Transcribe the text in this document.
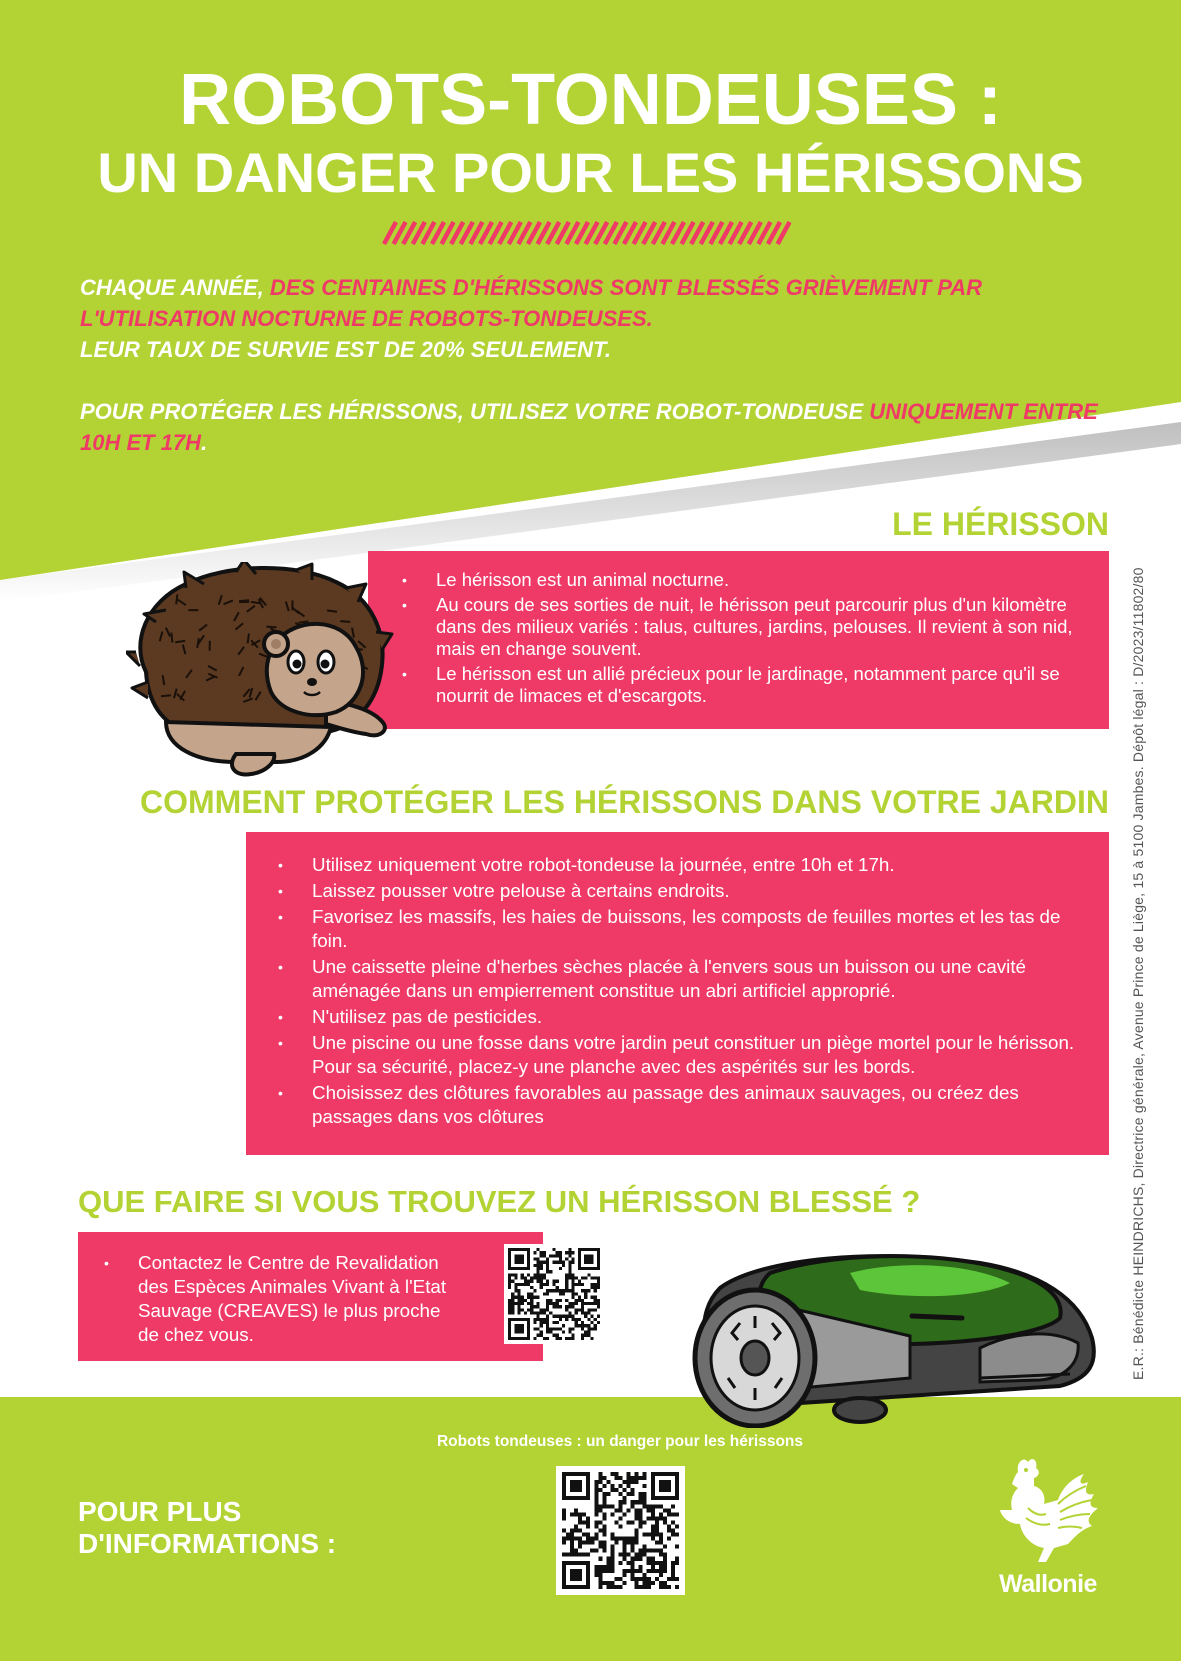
ROBOTS-TONDEUSES :
UN DANGER POUR LES HÉRISSONS

CHAQUE ANNÉE, DES CENTAINES D'HÉRISSONS SONT BLESSÉS GRIÈVEMENT PAR L'UTILISATION NOCTURNE DE ROBOTS-TONDEUSES.

LEUR TAUX DE SURVIE EST DE 20% SEULEMENT.

POUR PROTÉGER LES HÉRISSONS, UTILISEZ VOTRE ROBOT-TONDEUSE UNIQUEMENT ENTRE 10H ET 17H.

LE HÉRISSON
• Le hérisson est un animal nocturne.
• Au cours de ses sorties de nuit, le hérisson peut parcourir plus d'un kilomètre dans des milieux variés : talus, cultures, jardins, pelouses. Il revient à son nid, mais en change souvent.
• Le hérisson est un allié précieux pour le jardinage, notamment parce qu'il se nourrit de limaces et d'escargots.
COMMENT PROTÉGER LES HÉRISSONS DANS VOTRE JARDIN
• Utilisez uniquement votre robot-tondeuse la journée, entre 10h et 17h.
• Laissez pousser votre pelouse à certains endroits.
• Favorisez les massifs, les haies de buissons, les composts de feuilles mortes et les tas de foin.
• Une caissette pleine d'herbes sèches placée à l'envers sous un buisson ou une cavité aménagée dans un empierrement constitue un abri artificiel approprié.
• N'utilisez pas de pesticides.
• Une piscine ou une fosse dans votre jardin peut constituer un piège mortel pour le hérisson. Pour sa sécurité, placez-y une planche avec des aspérités sur les bords.
• Choisissez des clôtures favorables au passage des animaux sauvages, ou créez des passages dans vos clôtures
QUE FAIRE SI VOUS TROUVEZ UN HÉRISSON BLESSÉ ?
• Contactez le Centre de Revalidation des Espèces Animales Vivant à l'Etat Sauvage (CREAVES) le plus proche de chez vous.	E.R.: Bénédicte HEINDRICHS, Directrice générale, Avenue Prince de Liège, 15 à 5100 Jambes. Dépôt légal : D/2023/11802/80
Robots tondeuses : un danger pour les hérissons
POUR PLUS
D'INFORMATIONS :
Wallonie
